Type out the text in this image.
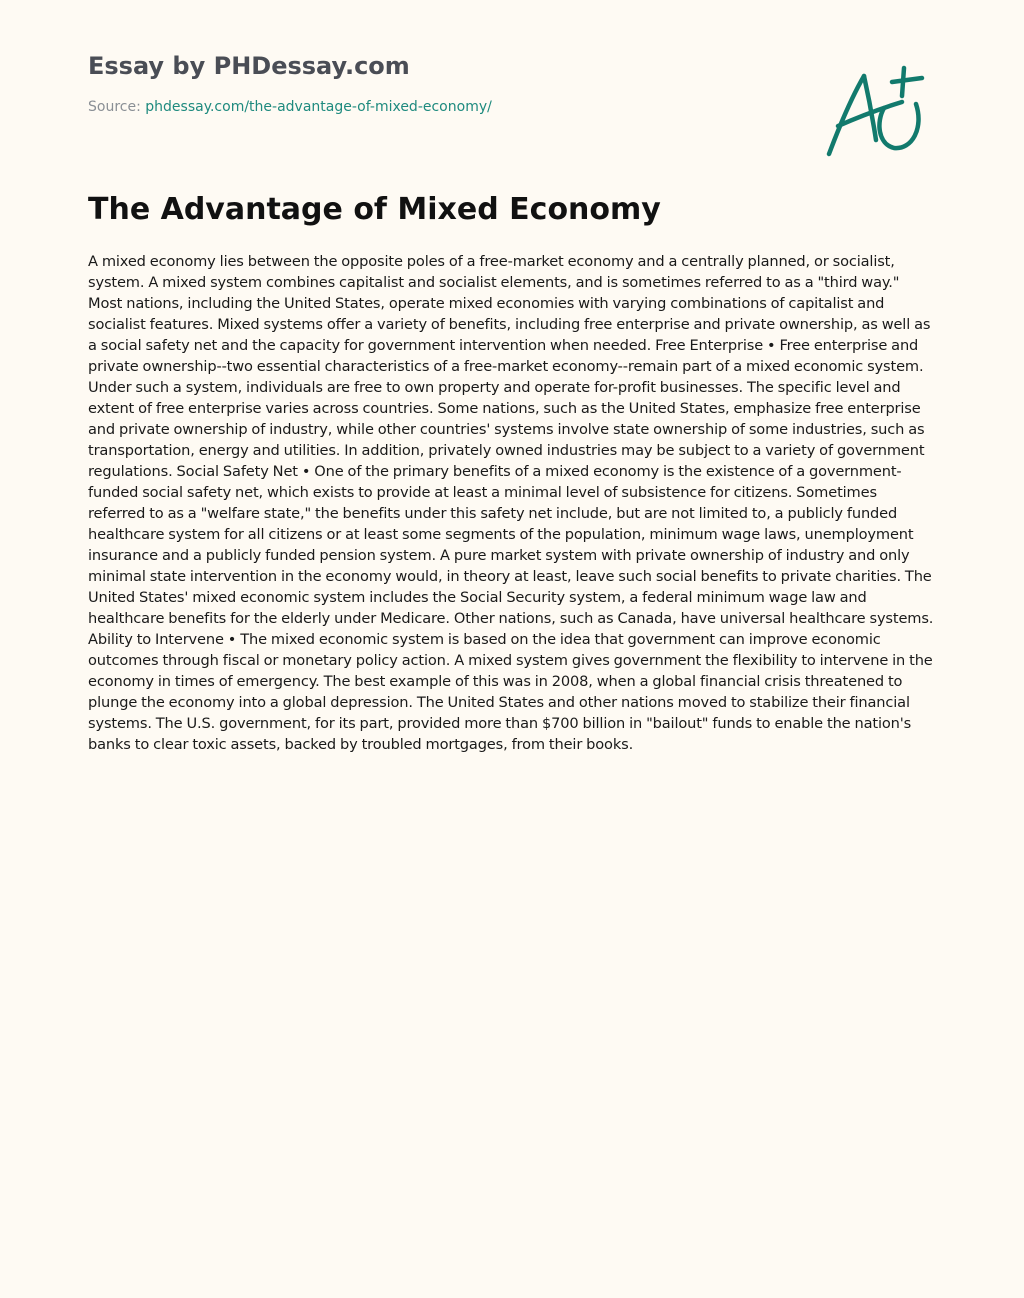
Essay by PHDessay.com
Source: phdessay.com/the-advantage-of-mixed-economy/
The Advantage of Mixed Economy

A mixed economy lies between the opposite poles of a free-market economy and a centrally planned, or socialist, system. A mixed system combines capitalist and socialist elements, and is sometimes referred to as a "third way." Most nations, including the United States, operate mixed economies with varying combinations of capitalist and socialist features. Mixed systems offer a variety of benefits, including free enterprise and private ownership, as well as a social safety net and the capacity for government intervention when needed. Free Enterprise • Free enterprise and private ownership--two essential characteristics of a free-market economy--remain part of a mixed economic system. Under such a system, individuals are free to own property and operate for-profit businesses. The specific level and extent of free enterprise varies across countries. Some nations, such as the United States, emphasize free enterprise and private ownership of industry, while other countries' systems involve state ownership of some industries, such as transportation, energy and utilities. In addition, privately owned industries may be subject to a variety of government regulations. Social Safety Net • One of the primary benefits of a mixed economy is the existence of a government-funded social safety net, which exists to provide at least a minimal level of subsistence for citizens. Sometimes referred to as a "welfare state," the benefits under this safety net include, but are not limited to, a publicly funded healthcare system for all citizens or at least some segments of the population, minimum wage laws, unemployment insurance and a publicly funded pension system. A pure market system with private ownership of industry and only minimal state intervention in the economy would, in theory at least, leave such social benefits to private charities. The United States' mixed economic system includes the Social Security system, a federal minimum wage law and healthcare benefits for the elderly under Medicare. Other nations, such as Canada, have universal healthcare systems. Ability to Intervene • The mixed economic system is based on the idea that government can improve economic outcomes through fiscal or monetary policy action. A mixed system gives government the flexibility to intervene in the economy in times of emergency. The best example of this was in 2008, when a global financial crisis threatened to plunge the economy into a global depression. The United States and other nations moved to stabilize their financial systems. The U.S. government, for its part, provided more than $700 billion in "bailout" funds to enable the nation's banks to clear toxic assets, backed by troubled mortgages, from their books.
